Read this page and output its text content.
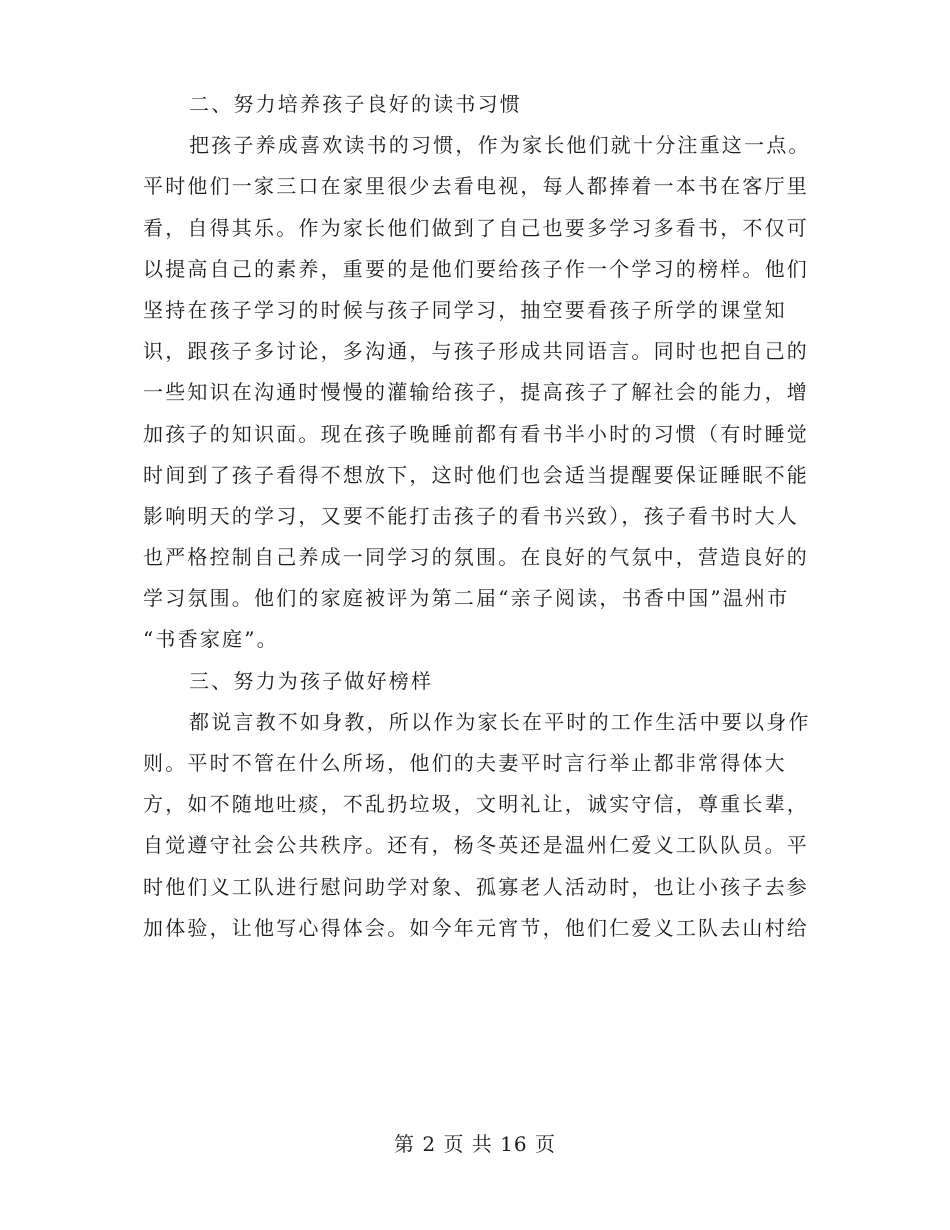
二、努力培养孩子良好的读书习惯
把孩子养成喜欢读书的习惯，作为家长他们就十分注重这一点。
平时他们一家三口在家里很少去看电视，每人都捧着一本书在客厅里
看，自得其乐。作为家长他们做到了自己也要多学习多看书，不仅可
以提高自己的素养，重要的是他们要给孩子作一个学习的榜样。他们
坚持在孩子学习的时候与孩子同学习，抽空要看孩子所学的课堂知
识，跟孩子多讨论，多沟通，与孩子形成共同语言。同时也把自己的
一些知识在沟通时慢慢的灌输给孩子，提高孩子了解社会的能力，增
加孩子的知识面。现在孩子晚睡前都有看书半小时的习惯（有时睡觉
时间到了孩子看得不想放下，这时他们也会适当提醒要保证睡眠不能
影响明天的学习，又要不能打击孩子的看书兴致），孩子看书时大人
也严格控制自己养成一同学习的氛围。在良好的气氛中，营造良好的
学习氛围。他们的家庭被评为第二届“亲子阅读，书香中国”温州市
“书香家庭”。
三、努力为孩子做好榜样
都说言教不如身教，所以作为家长在平时的工作生活中要以身作
则。平时不管在什么所场，他们的夫妻平时言行举止都非常得体大
方，如不随地吐痰，不乱扔垃圾，文明礼让，诚实守信，尊重长辈，
自觉遵守社会公共秩序。还有，杨冬英还是温州仁爱义工队队员。平
时他们义工队进行慰问助学对象、孤寡老人活动时，也让小孩子去参
加体验，让他写心得体会。如今年元宵节，他们仁爱义工队去山村给
第 2 页 共 16 页
